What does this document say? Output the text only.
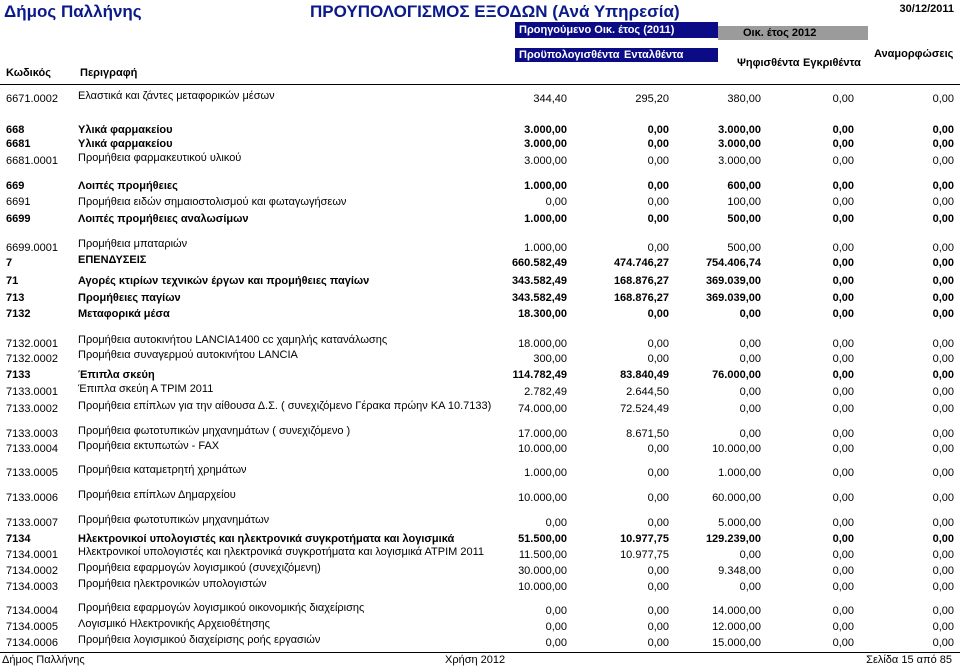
Δήμος Παλλήνης	ΠΡΟΥΠΟΛΟΓΙΣΜΟΣ ΕΞΟΔΩΝ (Ανά Υπηρεσία)	30/12/2011
Προηγούμενο Οικ. έτος (2011)	Οικ. έτος 2012
Προϋπολογισθέντα Ενταλθέντα
Ψηφισθέντα Εγκριθέντα
Αναμορφώσεις
Κωδικός	Περιγραφή
6671.0002 Ελαστικά και ζάντες μεταφορικών μέσων	344,40	295,20	380,00	0,00	0,00
668	Υλικά φαρμακείου	3.000,00	0,00	3.000,00	0,00	0,00
6681	Υλικά φαρμακείου	3.000,00	0,00	3.000,00	0,00	0,00
6681.0001 Προμήθεια φαρμακευτικού υλικού	3.000,00	0,00	3.000,00	0,00	0,00
669	Λοιπές προμήθειες	1.000,00	0,00	600,00	0,00	0,00
6691	Προμήθεια ειδών σημαιοστολισμού και φωταγωγήσεων	0,00	0,00	100,00	0,00	0,00
6699	Λοιπές προμήθειες αναλωσίμων	1.000,00	0,00	500,00	0,00	0,00
6699.0001 Προμήθεια μπαταριών	1.000,00	0,00	500,00	0,00	0,00
7	ΕΠΕΝΔΥΣΕΙΣ	660.582,49	474.746,27	754.406,74	0,00	0,00
71	Αγορές κτιρίων τεχνικών έργων και προμήθειες παγίων	343.582,49	168.876,27	369.039,00	0,00	0,00
713	Προμήθειες παγίων	343.582,49	168.876,27	369.039,00	0,00	0,00
7132	Μεταφορικά μέσα	18.300,00	0,00	0,00	0,00	0,00
7132.0001 Προμήθεια αυτοκινήτου LANCIA1400 cc χαμηλής κατανάλωσης	18.000,00	0,00	0,00	0,00	0,00
7132.0002 Προμήθεια συναγερμού αυτοκινήτου LANCIA	300,00	0,00	0,00	0,00	0,00
7133	Έπιπλα σκεύη	114.782,49	83.840,49	76.000,00	0,00	0,00
7133.0001 Έπιπλα σκεύη Α ΤΡΙΜ 2011	2.782,49	2.644,50	0,00	0,00	0,00
7133.0002 Προμήθεια επίπλων για την αίθουσα Δ.Σ. ( συνεχιζόμενο Γέρακα πρώην ΚΑ 10.7133) 74.000,00	72.524,49	0,00	0,00	0,00
7133.0003 Προμήθεια φωτοτυπικών μηχανημάτων ( συνεχιζόμενο )	17.000,00	8.671,50	0,00	0,00	0,00
7133.0004 Προμήθεια εκτυπωτών - FAX	10.000,00	0,00	10.000,00	0,00	0,00
7133.0005 Προμήθεια καταμετρητή χρημάτων	1.000,00	0,00	1.000,00	0,00	0,00
7133.0006 Προμήθεια επίπλων Δημαρχείου	10.000,00	0,00	60.000,00	0,00	0,00
7133.0007 Προμήθεια φωτοτυπικών μηχανημάτων	0,00	0,00	5.000,00	0,00	0,00
7134	Ηλεκτρονικοί υπολογιστές και ηλεκτρονικά συγκροτήματα και λογισμικά	51.500,00	10.977,75	129.239,00	0,00	0,00
7134.0001 Ηλεκτρονικοί υπολογιστές και ηλεκτρονικά συγκροτήματα και λογισμικά ΑΤΡΙΜ 2011	11.500,00	10.977,75	0,00	0,00	0,00
7134.0002 Προμήθεια εφαρμογών λογισμικού (συνεχιζόμενη)	30.000,00	0,00	9.348,00	0,00	0,00
7134.0003 Προμήθεια ηλεκτρονικών υπολογιστών	10.000,00	0,00	0,00	0,00	0,00
7134.0004 Προμήθεια εφαρμογών λογισμικού οικονομικής διαχείρισης	0,00	0,00	14.000,00	0,00	0,00
7134.0005 Λογισμικό Ηλεκτρονικής Αρχειοθέτησης	0,00	0,00	12.000,00	0,00	0,00
7134.0006 Προμήθεια λογισμικού διαχείρισης ροής εργασιών	0,00	0,00	15.000,00	0,00	0,00
Δήμος Παλλήνης	Χρήση 2012	Σελίδα 15 από 85
